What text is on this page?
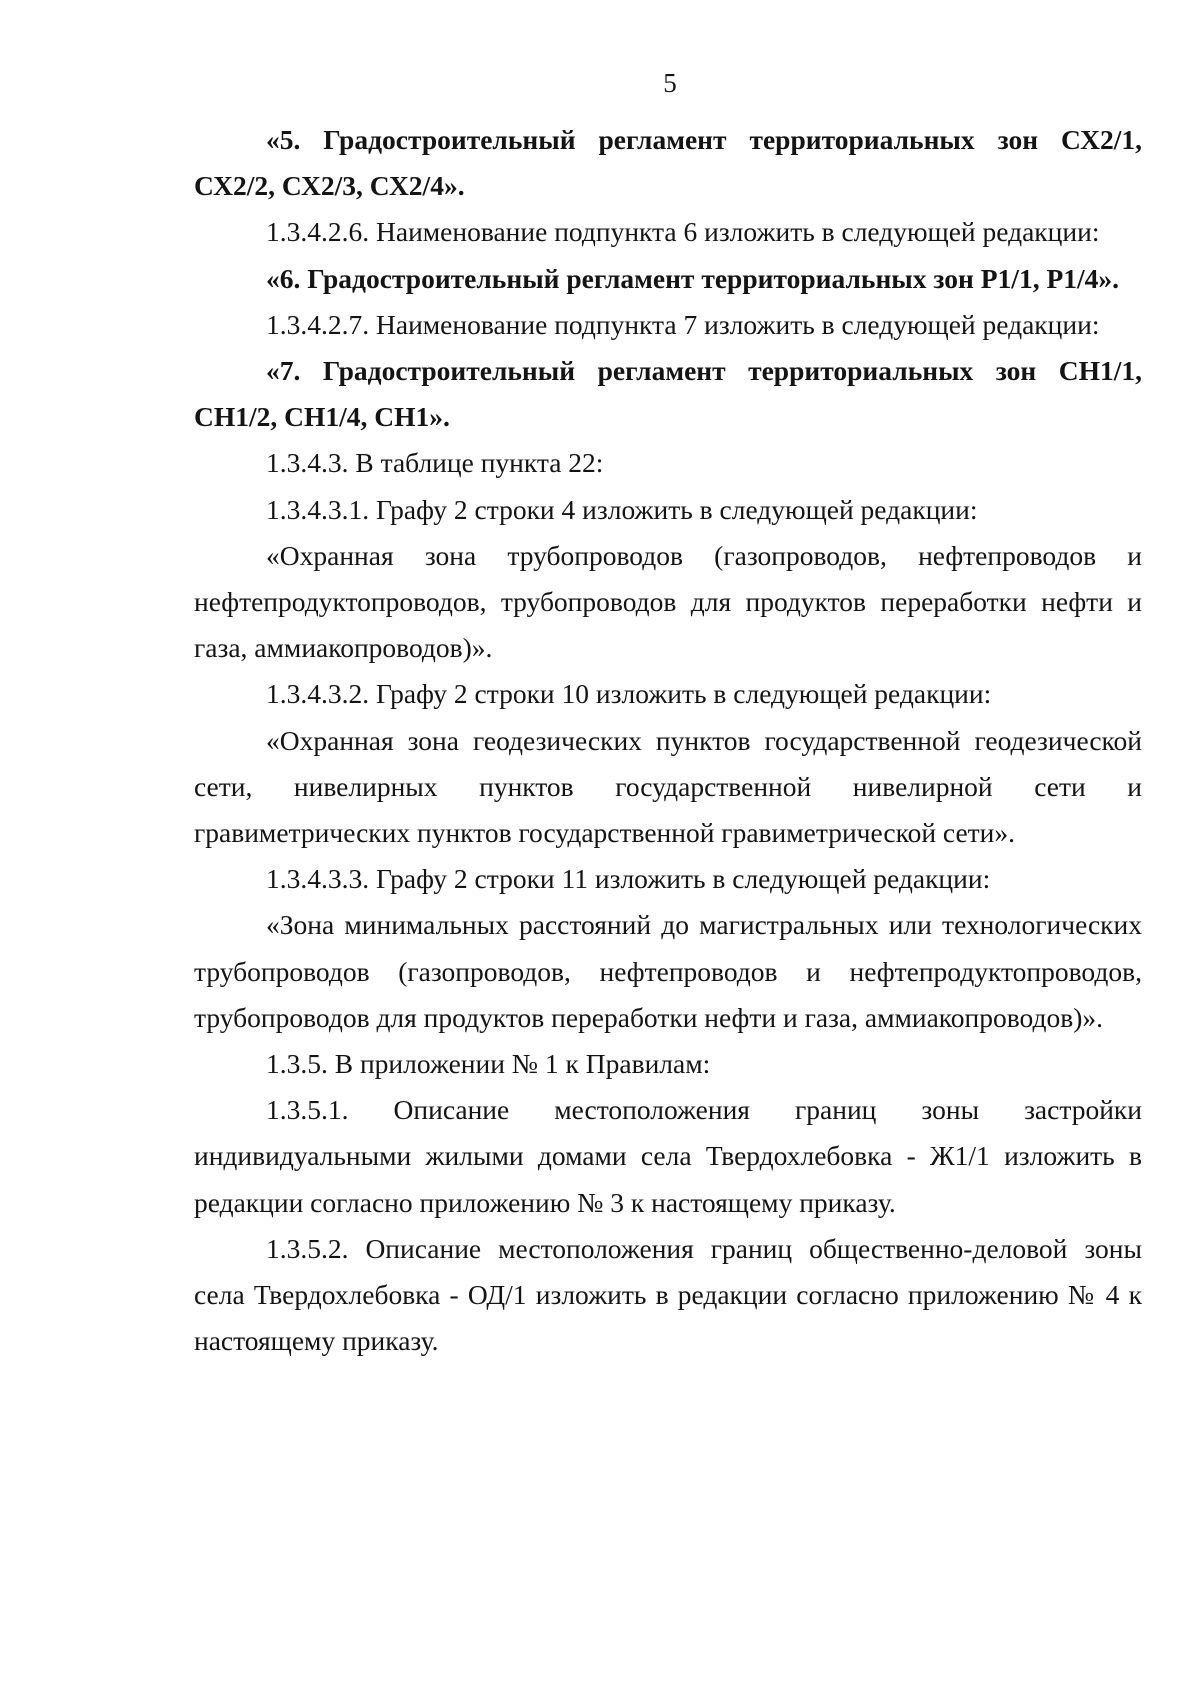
5

«5. Градостроительный регламент территориальных зон СХ2/1, СХ2/2, СХ2/3, СХ2/4».

1.3.4.2.6. Наименование подпункта 6 изложить в следующей редакции:

«6. Градостроительный регламент территориальных зон Р1/1, Р1/4».

1.3.4.2.7. Наименование подпункта 7 изложить в следующей редакции:

«7. Градостроительный регламент территориальных зон СН1/1, СН1/2, СН1/4, СН1».

1.3.4.3. В таблице пункта 22:

1.3.4.3.1. Графу 2 строки 4 изложить в следующей редакции:

«Охранная зона трубопроводов (газопроводов, нефтепроводов и нефтепродуктопроводов, трубопроводов для продуктов переработки нефти и газа, аммиакопроводов)».

1.3.4.3.2. Графу 2 строки 10 изложить в следующей редакции:

«Охранная зона геодезических пунктов государственной геодезической сети, нивелирных пунктов государственной нивелирной сети и гравиметрических пунктов государственной гравиметрической сети».

1.3.4.3.3. Графу 2 строки 11 изложить в следующей редакции:

«Зона минимальных расстояний до магистральных или технологических трубопроводов (газопроводов, нефтепроводов и нефтепродуктопроводов, трубопроводов для продуктов переработки нефти и газа, аммиакопроводов)».

1.3.5. В приложении № 1 к Правилам:

1.3.5.1. Описание местоположения границ зоны застройки индивидуальными жилыми домами села Твердохлебовка - Ж1/1 изложить в редакции согласно приложению № 3 к настоящему приказу.

1.3.5.2. Описание местоположения границ общественно-деловой зоны села Твердохлебовка - ОД/1 изложить в редакции согласно приложению № 4 к настоящему приказу.
